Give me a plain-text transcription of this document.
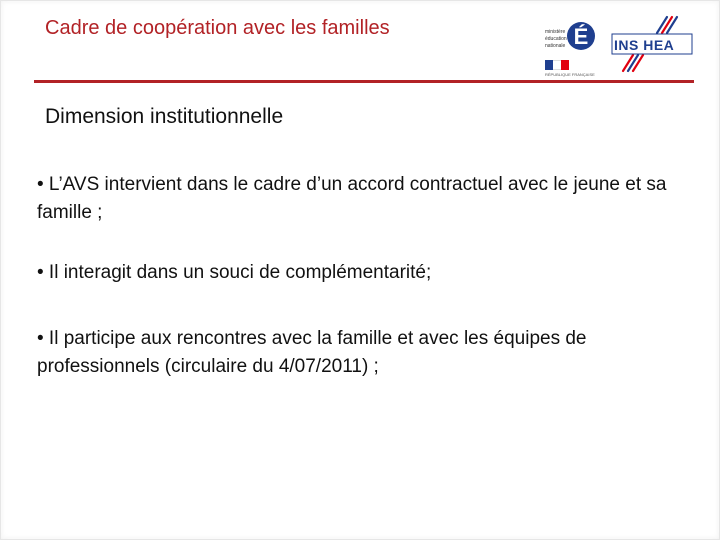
Cadre de coopération avec les familles	ministère éducation nationale É
RÉPUBLIQUE FRANÇAISE
INS HEA
Dimension institutionnelle
• L’AVS intervient dans le cadre d’un accord contractuel avec le jeune et sa famille ;
• Il interagit dans un souci de complémentarité;
• Il participe aux rencontres avec la famille et avec les équipes de professionnels (circulaire du 4/07/2011) ;
